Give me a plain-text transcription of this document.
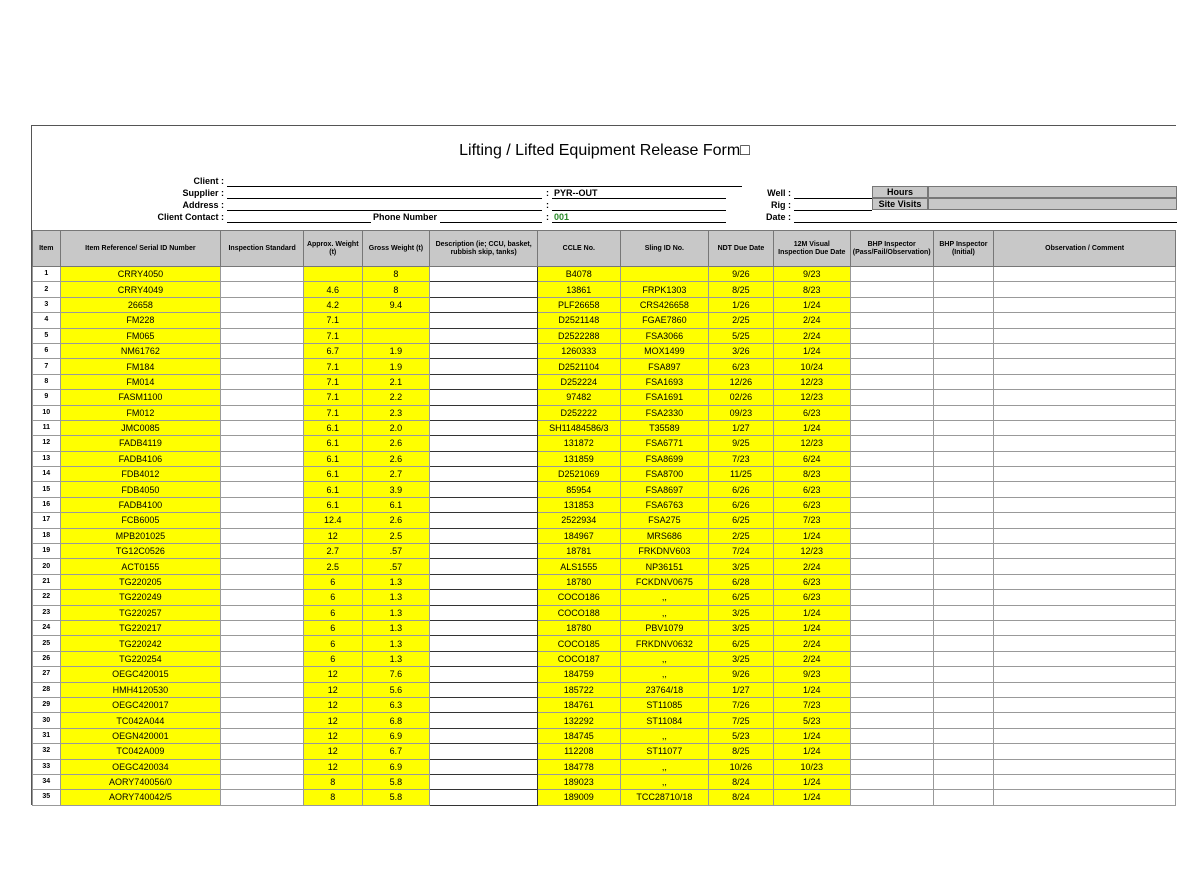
Lifting / Lifted Equipment Release Form□
Client :
Supplier :	: PYR--OUT
Address :	:
Client Contact :	Phone Number	: 001
Well :
Rig :
Date :
Hours
Site Visits
Item	Item Reference/ Serial ID Number	Inspection Standard	Approx. Weight (t)	Gross Weight (t)	Description (ie; CCU, basket, rubbish skip, tanks)	CCLE No.	Sling ID No.	NDT Due Date	12M Visual Inspection Due Date	BHP Inspector (Pass/Fail/Observation)	BHP Inspector (Initial)	Observation / Comment
1	CRRY4050			8		B4078		9/26	9/23			
2	CRRY4049		4.6	8		13861	FRPK1303	8/25	8/23			
3	26658		4.2	9.4		PLF26658	CRS426658	1/26	1/24			
4	FM228		7.1			D2521148	FGAE7860	2/25	2/24			
5	FM065		7.1			D2522288	FSA3066	5/25	2/24			
6	NM61762		6.7	1.9		1260333	MOX1499	3/26	1/24			
7	FM184		7.1	1.9		D2521104	FSA897	6/23	10/24			
8	FM014		7.1	2.1		D252224	FSA1693	12/26	12/23			
9	FASM1100		7.1	2.2		97482	FSA1691	02/26	12/23			
10	FM012		7.1	2.3		D252222	FSA2330	09/23	6/23			
11	JMC0085		6.1	2.0		SH11484586/3	T35589	1/27	1/24			
12	FADB4119		6.1	2.6		131872	FSA6771	9/25	12/23			
13	FADB4106		6.1	2.6		131859	FSA8699	7/23	6/24			
14	FDB4012		6.1	2.7		D2521069	FSA8700	11/25	8/23			
15	FDB4050		6.1	3.9		85954	FSA8697	6/26	6/23			
16	FADB4100		6.1	6.1		131853	FSA6763	6/26	6/23			
17	FCB6005		12.4	2.6		2522934	FSA275	6/25	7/23			
18	MPB201025		12	2.5		184967	MRS686	2/25	1/24			
19	TG12C0526		2.7	.57		18781	FRKDNV603	7/24	12/23			
20	ACT0155		2.5	.57		ALS1555	NP36151	3/25	2/24			
21	TG220205		6	1.3		18780	FCKDNV0675	6/28	6/23			
22	TG220249		6	1.3		COCO186	,,	6/25	6/23			
23	TG220257		6	1.3		COCO188	,,	3/25	1/24			
24	TG220217		6	1.3		18780	PBV1079	3/25	1/24			
25	TG220242		6	1.3		COCO185	FRKDNV0632	6/25	2/24			
26	TG220254		6	1.3		COCO187	,,	3/25	2/24			
27	OEGC420015		12	7.6		184759	,,	9/26	9/23			
28	HMH4120530		12	5.6		185722	23764/18	1/27	1/24			
29	OEGC420017		12	6.3		184761	ST11085	7/26	7/23			
30	TC042A044		12	6.8		132292	ST11084	7/25	5/23			
31	OEGN420001		12	6.9		184745	,,	5/23	1/24			
32	TC042A009		12	6.7		112208	ST11077	8/25	1/24			
33	OEGC420034		12	6.9		184778	,,	10/26	10/23			
34	AORY740056/0		8	5.8		189023	,,	8/24	1/24			
35	AORY740042/5		8	5.8		189009	TCC28710/18	8/24	1/24			
